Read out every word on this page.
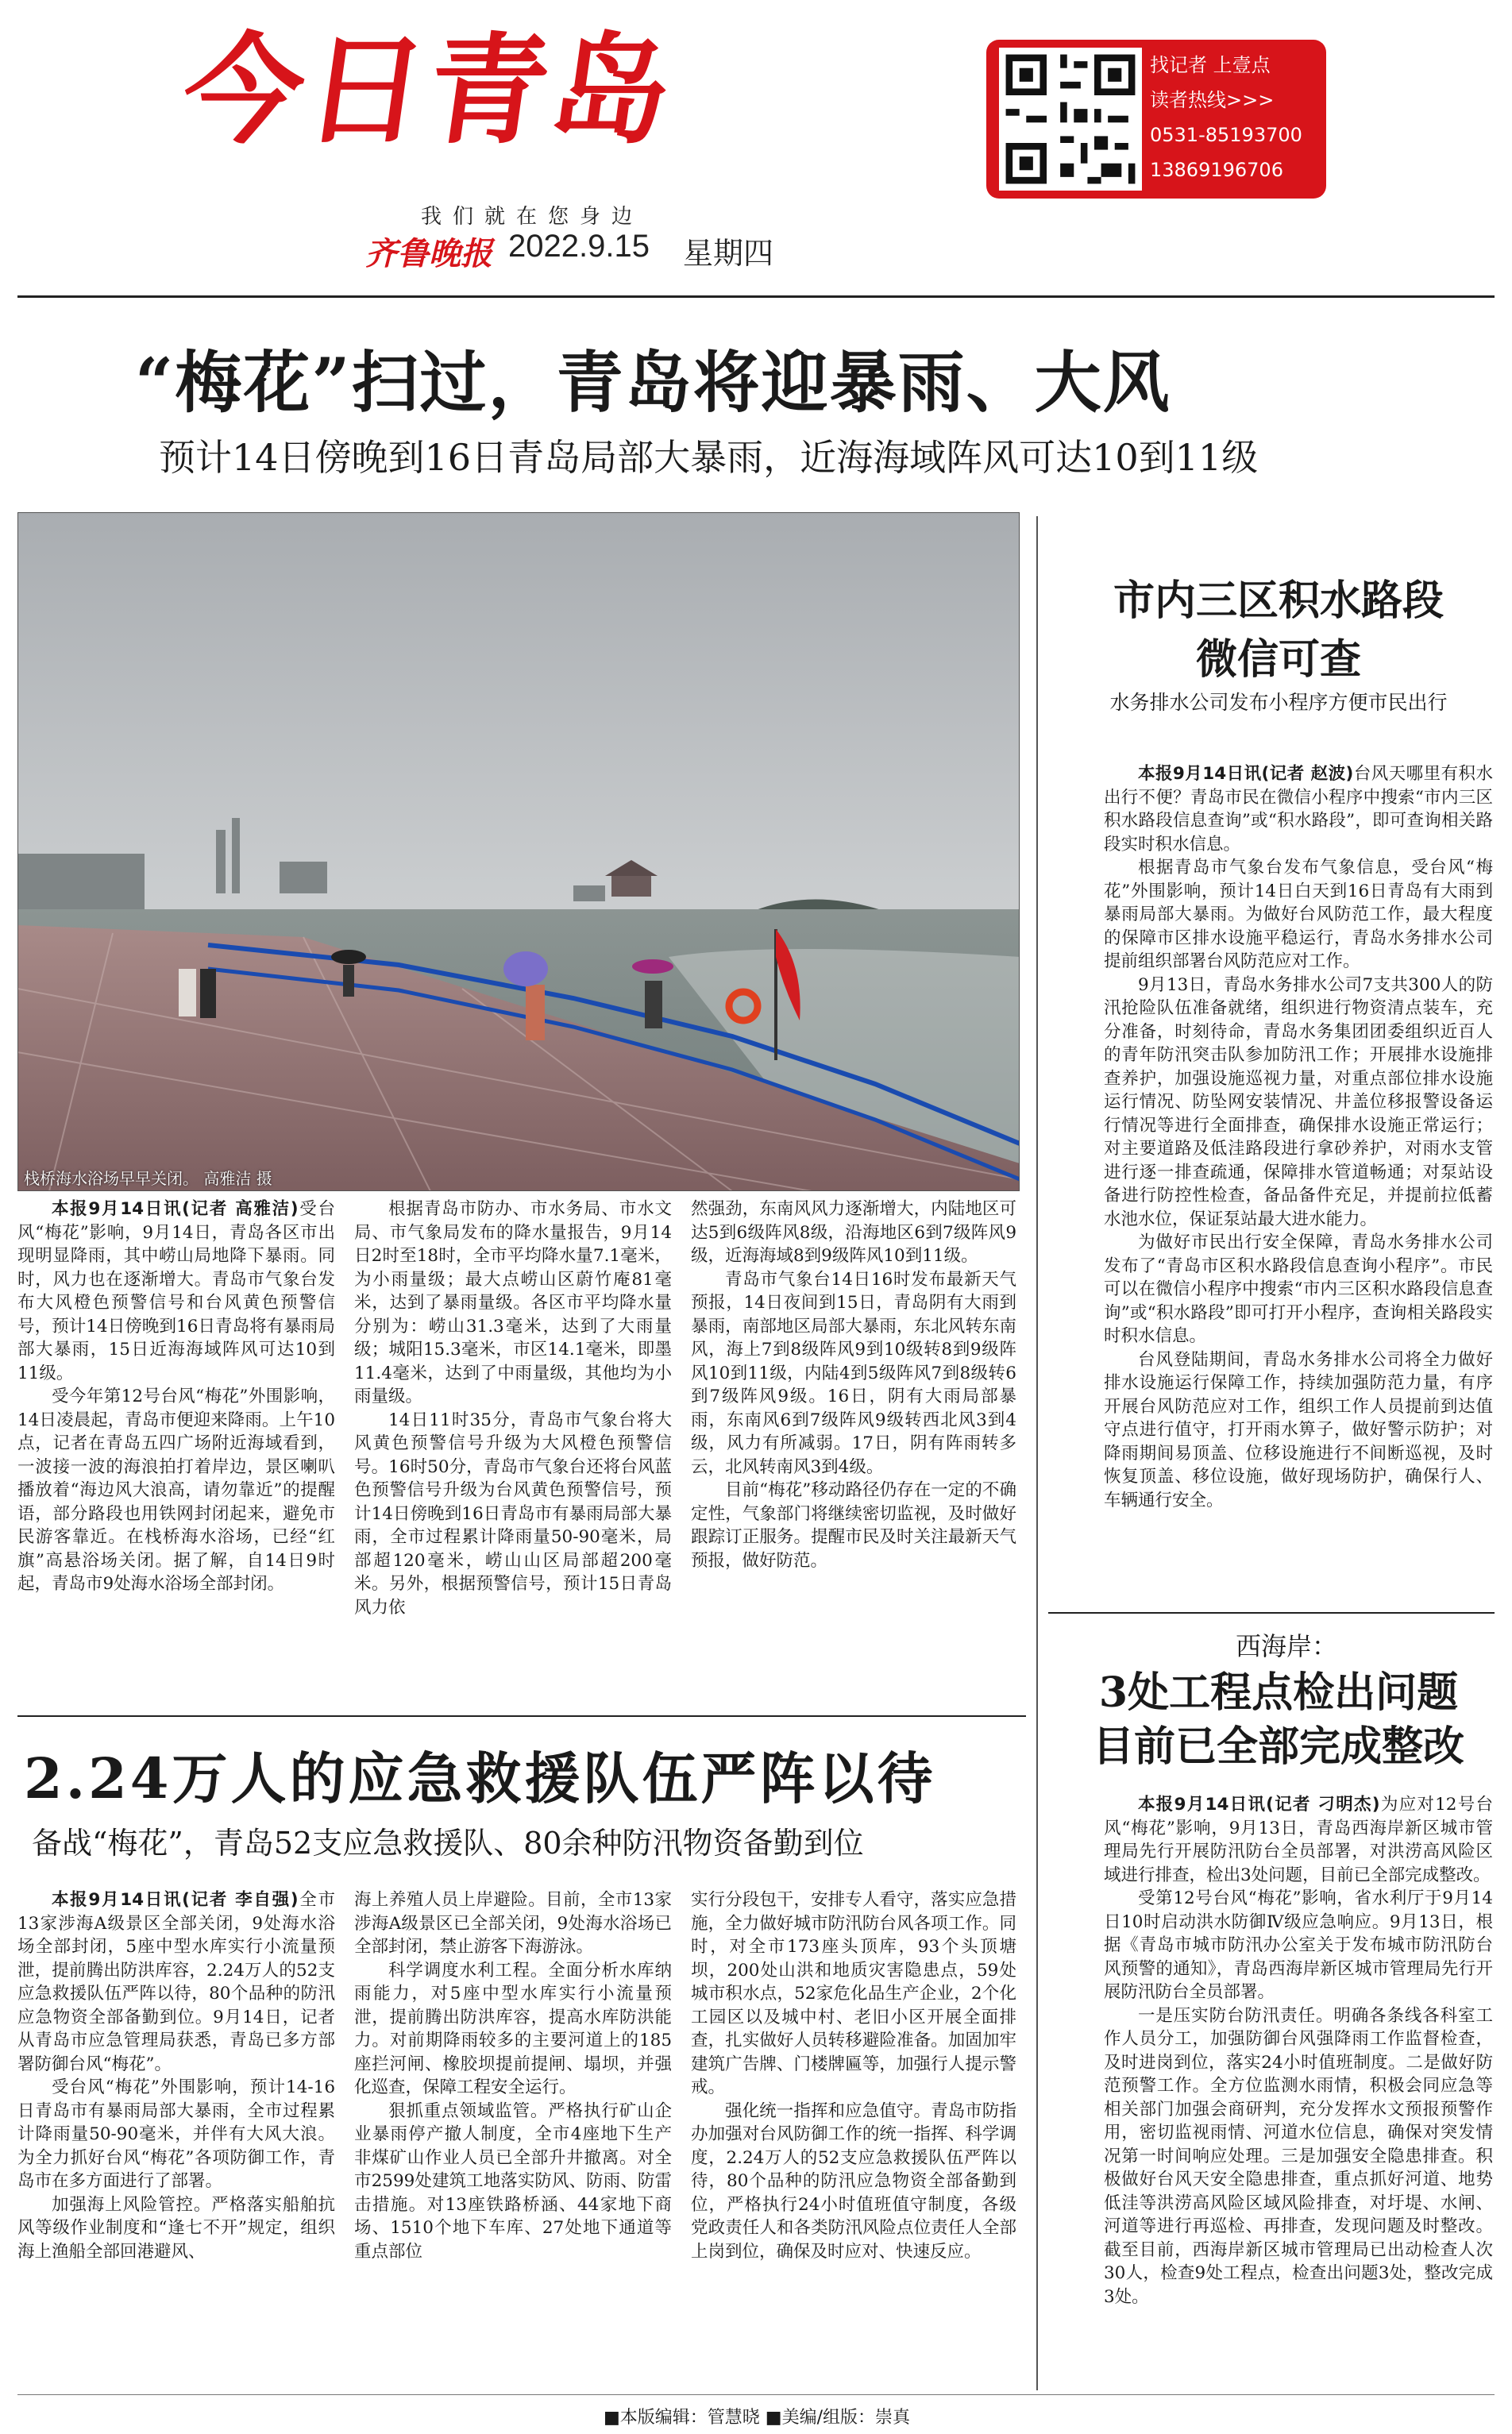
今日青岛
我们就在您身边
齐鲁晚报 2022.9.15 星期四
找记者 上壹点
读者热线>>>
0531-85193700
13869196706
“梅花”扫过，青岛将迎暴雨、大风
预计14日傍晚到16日青岛局部大暴雨，近海海域阵风可达10到11级
栈桥海水浴场早早关闭。 高雅洁 摄

本报9月14日讯(记者 高雅洁)受台风“梅花”影响，9月14日，青岛各区市出现明显降雨，其中崂山局地降下暴雨。同时，风力也在逐渐增大。青岛市气象台发布大风橙色预警信号和台风黄色预警信号，预计14日傍晚到16日青岛将有暴雨局部大暴雨，15日近海海域阵风可达10到11级。

受今年第12号台风“梅花”外围影响，14日凌晨起，青岛市便迎来降雨。上午10点，记者在青岛五四广场附近海域看到，一波接一波的海浪拍打着岸边，景区喇叭播放着“海边风大浪高，请勿靠近”的提醒语，部分路段也用铁网封闭起来，避免市民游客靠近。在栈桥海水浴场，已经“红旗”高悬浴场关闭。据了解，自14日9时起，青岛市9处海水浴场全部封闭。

根据青岛市防办、市水务局、市水文局、市气象局发布的降水量报告，9月14日2时至18时，全市平均降水量7.1毫米，为小雨量级；最大点崂山区蔚竹庵81毫米，达到了暴雨量级。各区市平均降水量分别为：崂山31.3毫米，达到了大雨量级；城阳15.3毫米，市区14.1毫米，即墨11.4毫米，达到了中雨量级，其他均为小雨量级。

14日11时35分，青岛市气象台将大风黄色预警信号升级为大风橙色预警信号。16时50分，青岛市气象台还将台风蓝色预警信号升级为台风黄色预警信号，预计14日傍晚到16日青岛市有暴雨局部大暴雨，全市过程累计降雨量50-90毫米，局部超120毫米，崂山山区局部超200毫米。另外，根据预警信号，预计15日青岛风力依

然强劲，东南风风力逐渐增大，内陆地区可达5到6级阵风8级，沿海地区6到7级阵风9级，近海海域8到9级阵风10到11级。

青岛市气象台14日16时发布最新天气预报，14日夜间到15日，青岛阴有大雨到暴雨，南部地区局部大暴雨，东北风转东南风，海上7到8级阵风9到10级转8到9级阵风10到11级，内陆4到5级阵风7到8级转6到7级阵风9级。16日，阴有大雨局部暴雨，东南风6到7级阵风9级转西北风3到4级，风力有所减弱。17日，阴有阵雨转多云，北风转南风3到4级。

目前“梅花”移动路径仍存在一定的不确定性，气象部门将继续密切监视，及时做好跟踪订正服务。提醒市民及时关注最新天气预报，做好防范。

市内三区积水路段
微信可查
水务排水公司发布小程序方便市民出行

本报9月14日讯(记者 赵波)台风天哪里有积水出行不便？青岛市民在微信小程序中搜索“市内三区积水路段信息查询”或“积水路段”，即可查询相关路段实时积水信息。

根据青岛市气象台发布气象信息，受台风“梅花”外围影响，预计14日白天到16日青岛有大雨到暴雨局部大暴雨。为做好台风防范工作，最大程度的保障市区排水设施平稳运行，青岛水务排水公司提前组织部署台风防范应对工作。

9月13日，青岛水务排水公司7支共300人的防汛抢险队伍准备就绪，组织进行物资清点装车，充分准备，时刻待命，青岛水务集团团委组织近百人的青年防汛突击队参加防汛工作；开展排水设施排查养护，加强设施巡视力量，对重点部位排水设施运行情况、防坠网安装情况、井盖位移报警设备运行情况等进行全面排查，确保排水设施正常运行；对主要道路及低洼路段进行拿砂养护，对雨水支管进行逐一排查疏通，保障排水管道畅通；对泵站设备进行防控性检查，备品备件充足，并提前拉低蓄水池水位，保证泵站最大进水能力。

为做好市民出行安全保障，青岛水务排水公司发布了“青岛市区积水路段信息查询小程序”。市民可以在微信小程序中搜索“市内三区积水路段信息查询”或“积水路段”即可打开小程序，查询相关路段实时积水信息。

台风登陆期间，青岛水务排水公司将全力做好排水设施运行保障工作，持续加强防范力量，有序开展台风防范应对工作，组织工作人员提前到达值守点进行值守，打开雨水箅子，做好警示防护；对降雨期间易顶盖、位移设施进行不间断巡视，及时恢复顶盖、移位设施，做好现场防护，确保行人、车辆通行安全。

西海岸：
3处工程点检出问题
目前已全部完成整改

本报9月14日讯(记者 刁明杰)为应对12号台风“梅花”影响，9月13日，青岛西海岸新区城市管理局先行开展防汛防台全员部署，对洪涝高风险区域进行排查，检出3处问题，目前已全部完成整改。

受第12号台风“梅花”影响，省水利厅于9月14日10时启动洪水防御Ⅳ级应急响应。9月13日，根据《青岛市城市防汛办公室关于发布城市防汛防台风预警的通知》，青岛西海岸新区城市管理局先行开展防汛防台全员部署。

一是压实防台防汛责任。明确各条线各科室工作人员分工，加强防御台风强降雨工作监督检查，及时进岗到位，落实24小时值班制度。二是做好防范预警工作。全方位监测水雨情，积极会同应急等相关部门加强会商研判，充分发挥水文预报预警作用，密切监视雨情、河道水位信息，确保对突发情况第一时间响应处理。三是加强安全隐患排查。积极做好台风天安全隐患排查，重点抓好河道、地势低洼等洪涝高风险区域风险排查，对圩堤、水闸、河道等进行再巡检、再排查，发现问题及时整改。截至目前，西海岸新区城市管理局已出动检查人次30人，检查9处工程点，检查出问题3处，整改完成3处。

2.24万人的应急救援队伍严阵以待
备战“梅花”，青岛52支应急救援队、80余种防汛物资备勤到位

本报9月14日讯(记者 李自强)全市13家涉海A级景区全部关闭，9处海水浴场全部封闭，5座中型水库实行小流量预泄，提前腾出防洪库容，2.24万人的52支应急救援队伍严阵以待，80个品种的防汛应急物资全部备勤到位。9月14日，记者从青岛市应急管理局获悉，青岛已多方部署防御台风“梅花”。

受台风“梅花”外围影响，预计14-16日青岛市有暴雨局部大暴雨，全市过程累计降雨量50-90毫米，并伴有大风大浪。为全力抓好台风“梅花”各项防御工作，青岛市在多方面进行了部署。

加强海上风险管控。严格落实船舶抗风等级作业制度和“逢七不开”规定，组织海上渔船全部回港避风、

海上养殖人员上岸避险。目前，全市13家涉海A级景区已全部关闭，9处海水浴场已全部封闭，禁止游客下海游泳。

科学调度水利工程。全面分析水库纳雨能力，对5座中型水库实行小流量预泄，提前腾出防洪库容，提高水库防洪能力。对前期降雨较多的主要河道上的185座拦河闸、橡胶坝提前提闸、塌坝，并强化巡查，保障工程安全运行。

狠抓重点领域监管。严格执行矿山企业暴雨停产撤人制度，全市4座地下生产非煤矿山作业人员已全部升井撤离。对全市2599处建筑工地落实防风、防雨、防雷击措施。对13座铁路桥涵、44家地下商场、1510个地下车库、27处地下通道等重点部位

实行分段包干，安排专人看守，落实应急措施，全力做好城市防汛防台风各项工作。同时，对全市173座头顶库，93个头顶塘坝，200处山洪和地质灾害隐患点，59处城市积水点，52家危化品生产企业，2个化工园区以及城中村、老旧小区开展全面排查，扎实做好人员转移避险准备。加固加牢建筑广告牌、门楼牌匾等，加强行人提示警戒。

强化统一指挥和应急值守。青岛市防指办加强对台风防御工作的统一指挥、科学调度，2.24万人的52支应急救援队伍严阵以待，80个品种的防汛应急物资全部备勤到位，严格执行24小时值班值守制度，各级党政责任人和各类防汛风险点位责任人全部上岗到位，确保及时应对、快速反应。

■本版编辑：管慧晓 ■美编/组版：崇真
